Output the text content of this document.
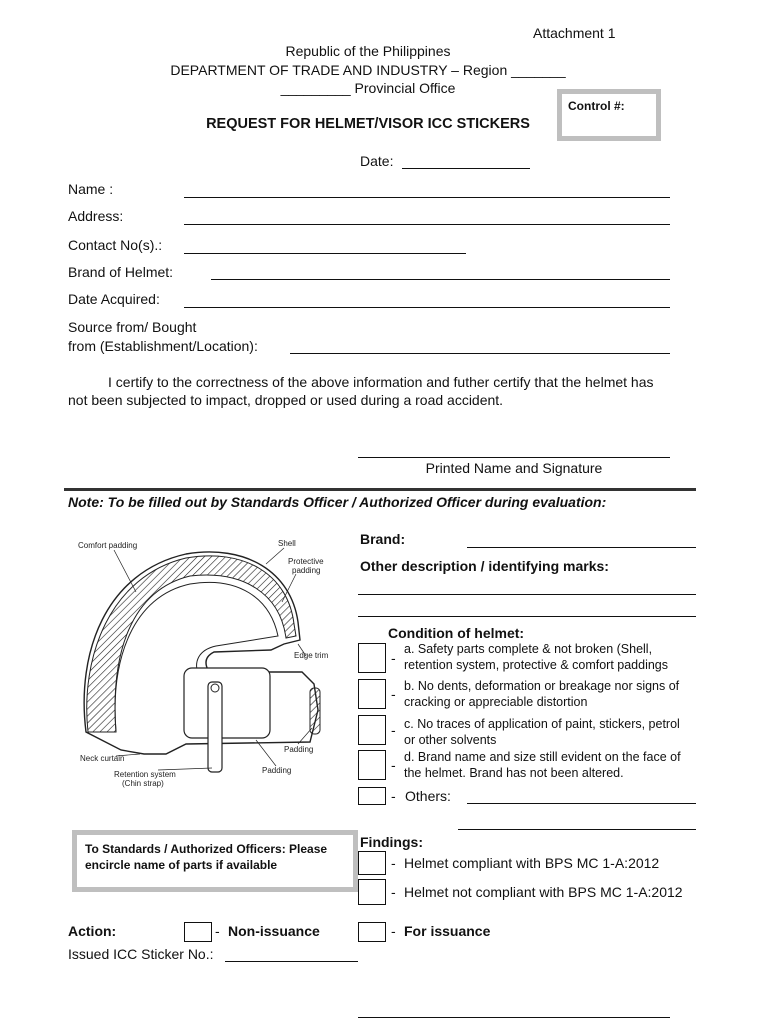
Attachment 1
Republic of the Philippines
DEPARTMENT OF TRADE AND INDUSTRY – Region _______
_________ Provincial Office
Control #:
REQUEST FOR HELMET/VISOR ICC STICKERS
Date:
Name :
Address:
Contact No(s).:
Brand of Helmet:
Date Acquired:
Source from/ Bought
from (Establishment/Location):
I certify to the correctness of the above information and futher certify that the helmet has
not been subjected to impact, dropped or used during a road accident.
Printed Name and Signature
Note: To be filled out by Standards Officer / Authorized Officer during evaluation:
Comfort padding	Shell
Protective
padding
Edge trim
Padding
Padding
Neck curtain
Retention system
(Chin strap)
Brand:
Other description / identifying marks:
Condition of helmet:
-
a. Safety parts complete & not broken (Shell,
retention system, protective & comfort paddings
- b. No dents, deformation or breakage nor signs of
cracking or appreciable distortion
- c. No traces of application of paint, stickers, petrol
or other solvents
- d. Brand name and size still evident on the face of
the helmet. Brand has not been altered.
- Others:
To Standards / Authorized Officers: Please
encircle name of parts if available
Findings:
- Helmet compliant with BPS MC 1-A:2012
- Helmet not compliant with BPS MC 1-A:2012
Action:	- Non-issuance	- For issuance
Issued ICC Sticker No.:
